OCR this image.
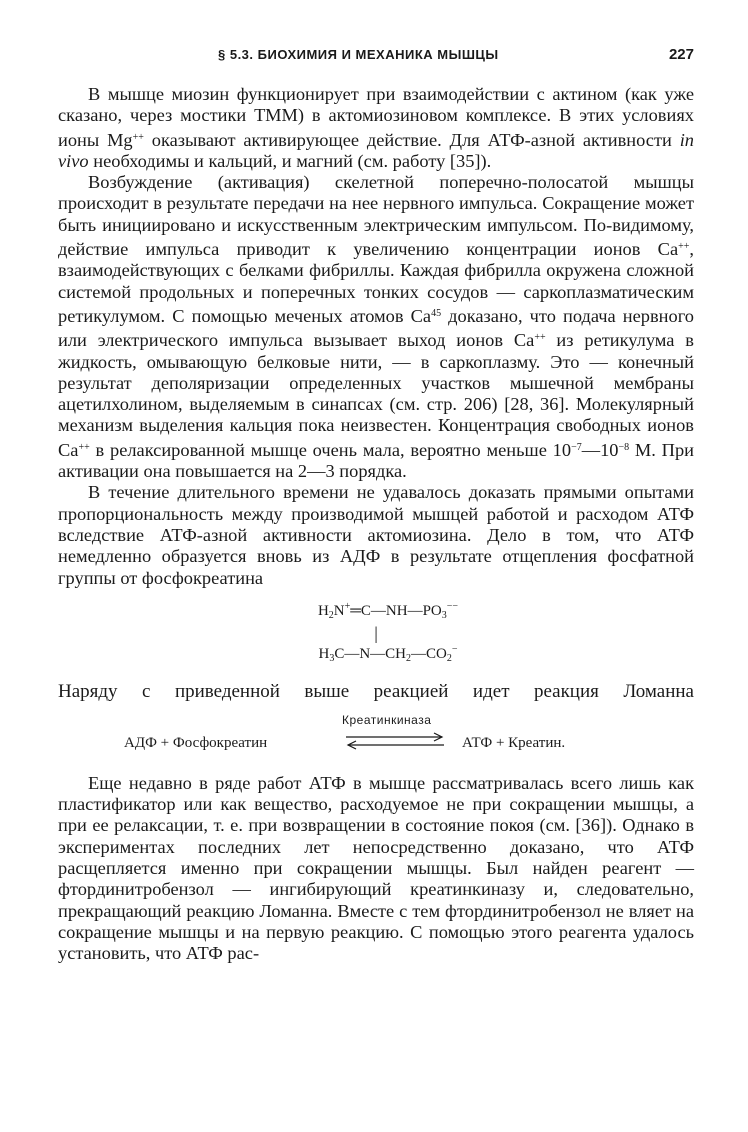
§ 5.3. БИОХИМИЯ И МЕХАНИКА МЫШЦЫ	227

В мышце миозин функционирует при взаимодействии с актином (как уже сказано, через мостики ТММ) в актомиозиновом комплексе. В этих условиях ионы Mg++ оказывают активирующее действие. Для АТФ-азной активности in vivo необходимы и кальций, и магний (см. работу [35]).

Возбуждение (активация) скелетной поперечно-полосатой мышцы происходит в результате передачи на нее нервного импульса. Сокращение может быть инициировано и искусственным электрическим импульсом. По-видимому, действие импульса приводит к увеличению концентрации ионов Ca++, взаимодействующих с белками фибриллы. Каждая фибрилла окружена сложной системой продольных и поперечных тонких сосудов — саркоплазматическим ретикулумом. С помощью меченых атомов Ca$^{45}$ доказано, что подача нервного или электрического импульса вызывает выход ионов Ca++ из ретикулума в жидкость, омывающую белковые нити, — в саркоплазму. Это — конечный результат деполяризации определенных участков мышечной мембраны ацетилхолином, выделяемым в синапсах (см. стр. 206) [28, 36]. Молекулярный механизм выделения кальция пока неизвестен. Концентрация свободных ионов Ca++ в релаксированной мышце очень мала, вероятно меньше $10^{-7}—10^{-8}$ M. При активации она повышается на 2—3 порядка.

В течение длительного времени не удавалось доказать прямыми опытами пропорциональность между производимой мышцей работой и расходом АТФ вследствие АТФ-азной активности актомиозина. Дело в том, что АТФ немедленно образуется вновь из АДФ в результате отщепления фосфатной группы от фосфокреатина

$H_2N^+═C—NH—PO_3^{--}$
|
$H_3C—N—CH_2—CO_2^-$
Наряду с приведенной выше реакцией идет реакция Ломанна
Креатинкиназа
АДФ + Фосфокреатин	АТФ + Креатин.

Еще недавно в ряде работ АТФ в мышце рассматривалась всего лишь как пластификатор или как вещество, расходуемое не при сокращении мышцы, а при ее релаксации, т. е. при возвращении в состояние покоя (см. [36]). Однако в экспериментах последних лет непосредственно доказано, что АТФ расщепляется именно при сокращении мышцы. Был найден реагент — фтординитробензол — ингибирующий креатинкиназу и, следовательно, прекращающий реакцию Ломанна. Вместе с тем фтординитробензол не вляет на сокращение мышцы и на первую реакцию. С помощью этого реагента удалось установить, что АТФ рас-
